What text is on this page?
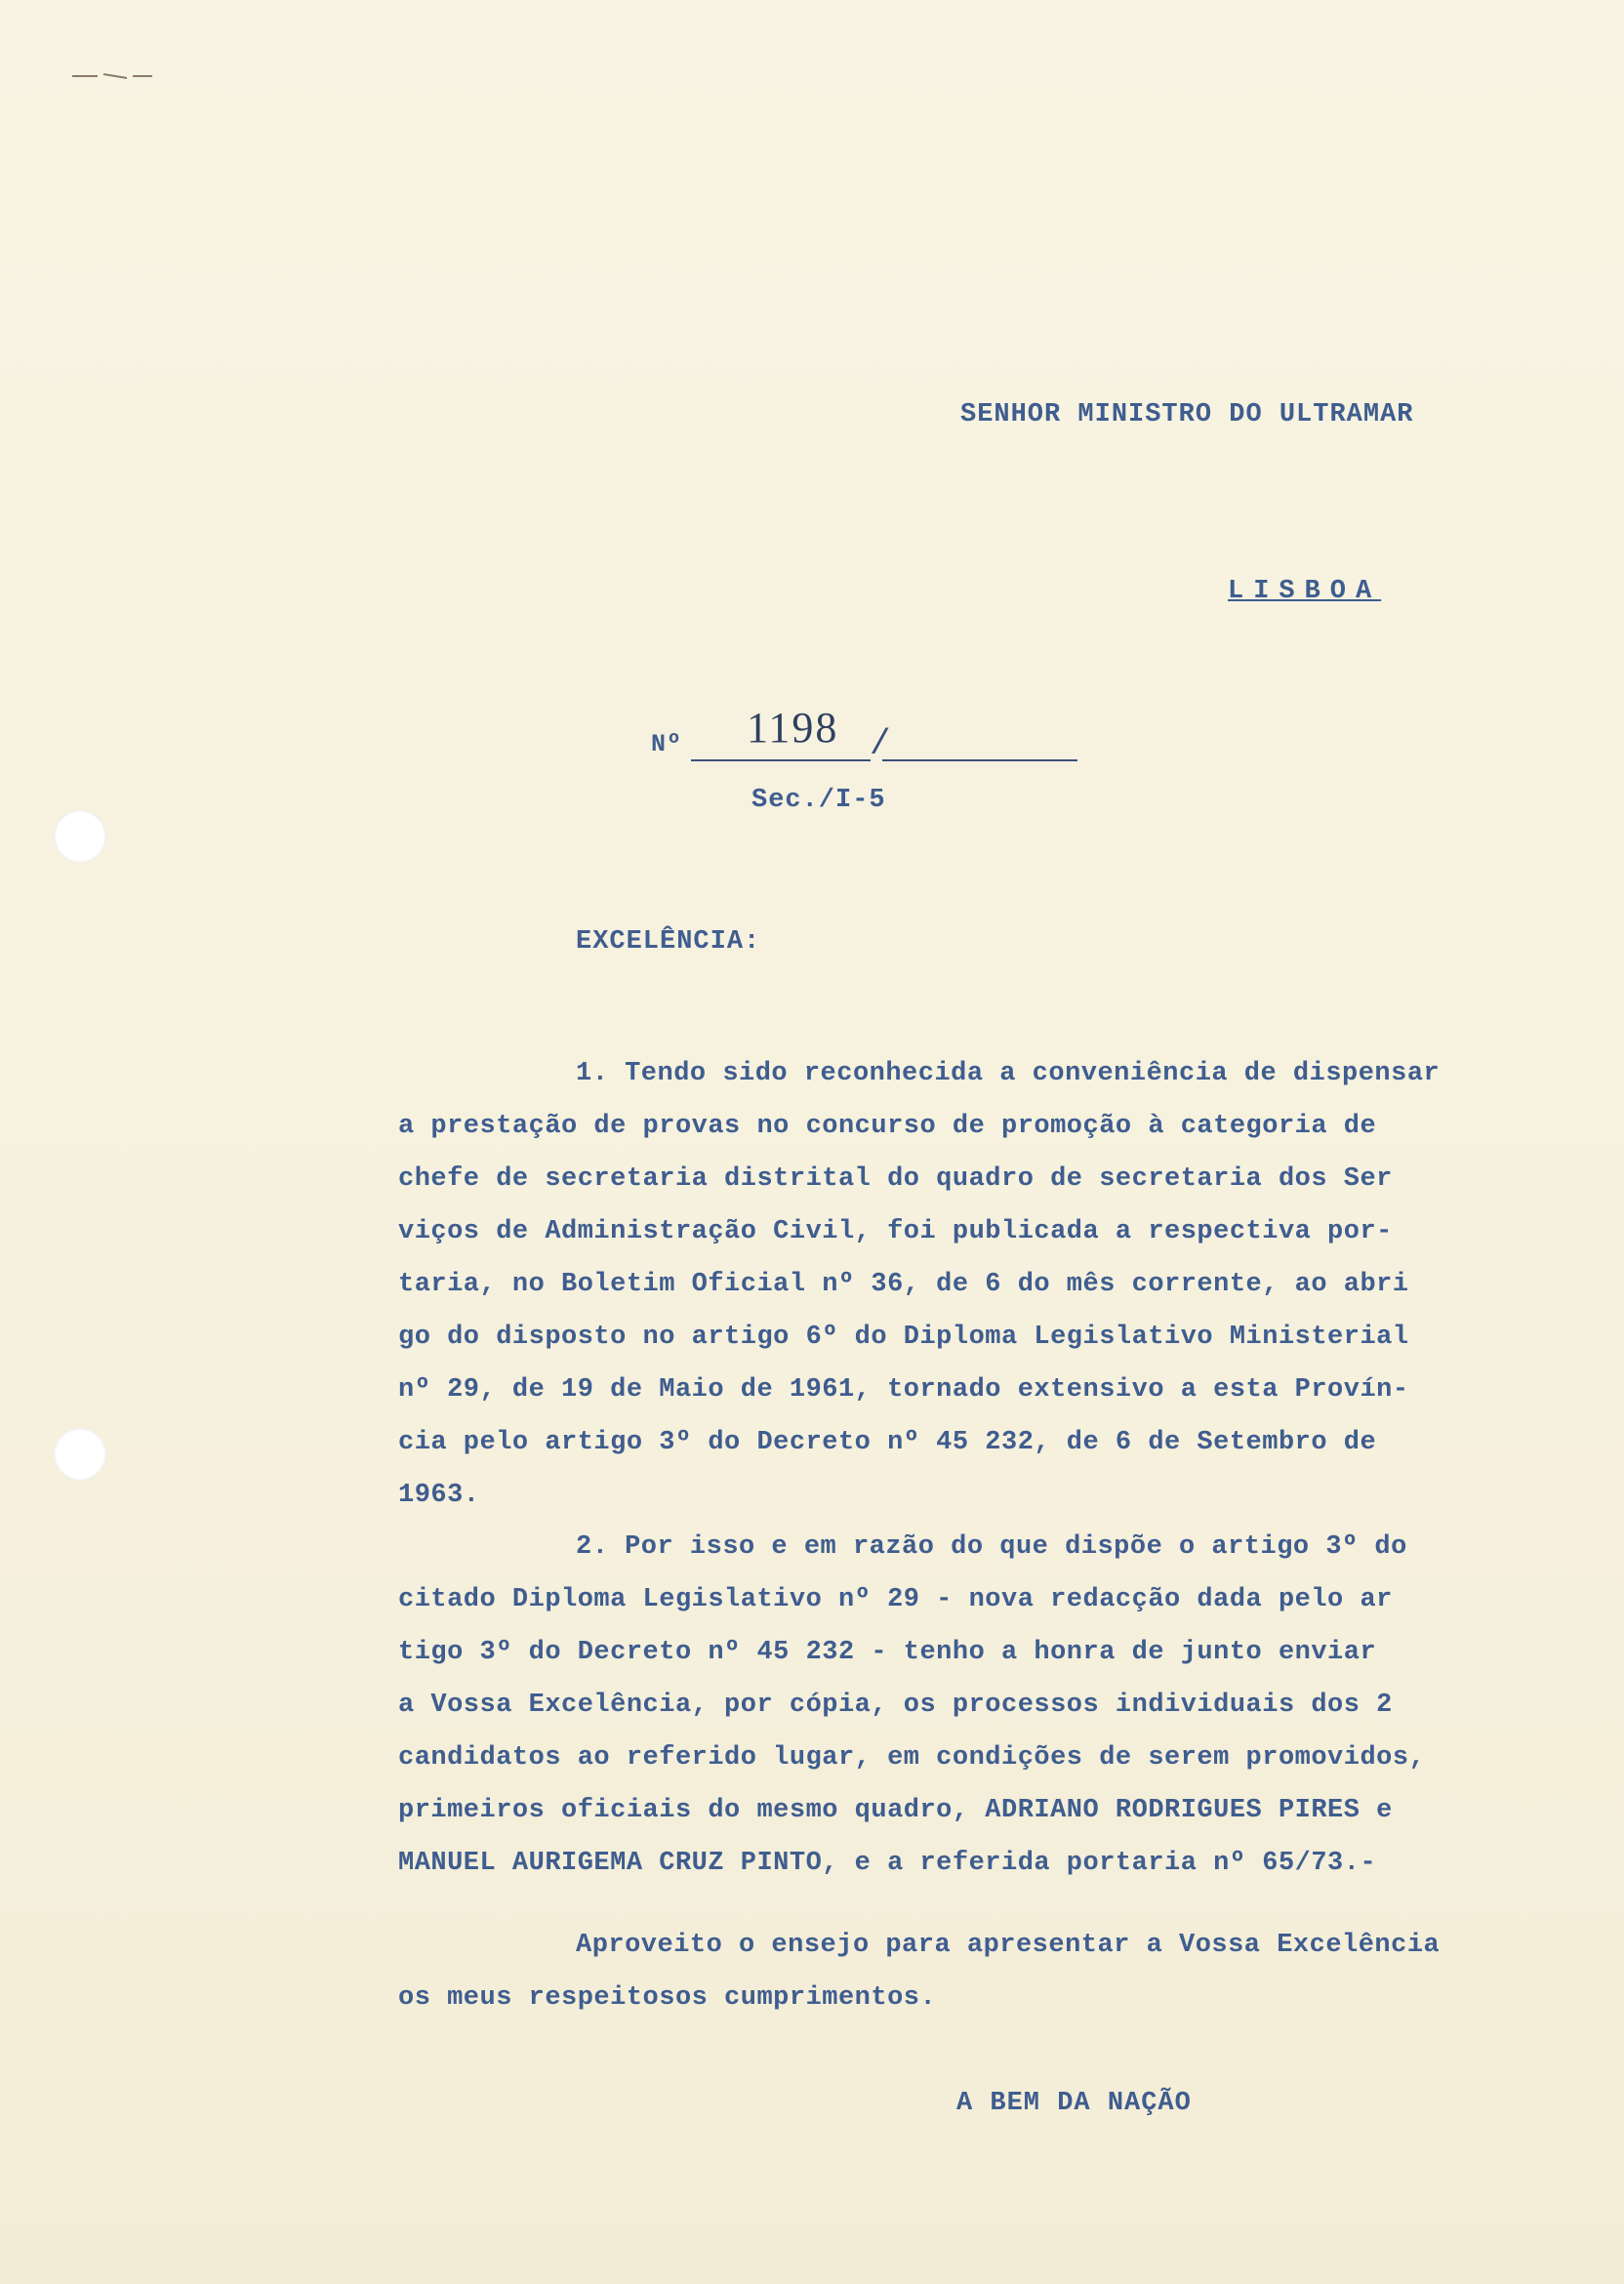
SENHOR MINISTRO DO ULTRAMAR
LISBOA
Nº 1198 /
Sec./I-5
EXCELÊNCIA:
1. Tendo sido reconhecida a conveniência de dispensar
a prestação de provas no concurso de promoção à categoria de
chefe de secretaria distrital do quadro de secretaria dos Ser
viços de Administração Civil, foi publicada a respectiva por-
taria, no Boletim Oficial nº 36, de 6 do mês corrente, ao abri
go do disposto no artigo 6º do Diploma Legislativo Ministerial
nº 29, de 19 de Maio de 1961, tornado extensivo a esta Provín-
cia pelo artigo 3º do Decreto nº 45 232, de 6 de Setembro de
1963.
2. Por isso e em razão do que dispõe o artigo 3º do
citado Diploma Legislativo nº 29 - nova redacção dada pelo ar
tigo 3º do Decreto nº 45 232 - tenho a honra de junto enviar
a Vossa Excelência, por cópia, os processos individuais dos 2
candidatos ao referido lugar, em condições de serem promovidos,
primeiros oficiais do mesmo quadro, ADRIANO RODRIGUES PIRES e
MANUEL AURIGEMA CRUZ PINTO, e a referida portaria nº 65/73.-
Aproveito o ensejo para apresentar a Vossa Excelência
os meus respeitosos cumprimentos.
A BEM DA NAÇÃO
